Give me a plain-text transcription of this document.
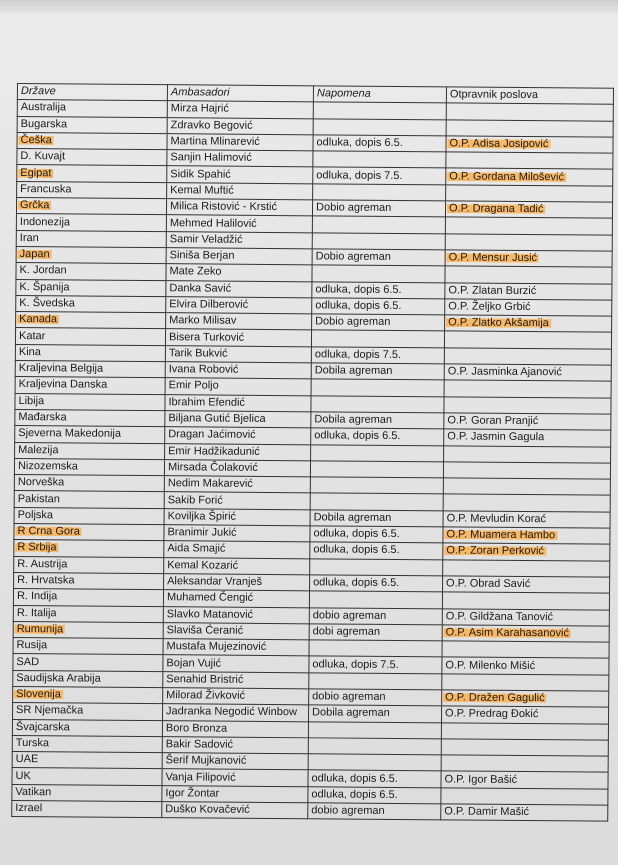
Države	Ambasadori	Napomena	Otpravnik poslova
Australija	Mirza Hajrić		
Bugarska	Zdravko Begović		
Češka	Martina Mlinarević	odluka, dopis 6.5.	O.P. Adisa Josipović
D. Kuvajt	Sanjin Halimović		
Egipat	Sidik Spahić	odluka, dopis 7.5.	O.P. Gordana Milošević
Francuska	Kemal Muftić		
Grčka	Milica Ristović - Krstić	Dobio agreman	O.P. Dragana Tadić
Indonezija	Mehmed Halilović		
Iran	Samir Veladžić		
Japan	Siniša Berjan	Dobio agreman	O.P. Mensur Jusić
K. Jordan	Mate Zeko		
K. Španija	Danka Savić	odluka, dopis 6.5.	O.P. Zlatan Burzić
K. Švedska	Elvira Dilberović	odluka, dopis 6.5.	O.P. Željko Grbić
Kanada	Marko Milisav	Dobio agreman	O.P. Zlatko Akšamija
Katar	Bisera Turković		
Kina	Tarik Bukvić	odluka, dopis 7.5.	
Kraljevina Belgija	Ivana Robović	Dobila agreman	O.P. Jasminka Ajanović
Kraljevina Danska	Emir Poljo		
Libija	Ibrahim Efendić		
Mađarska	Biljana Gutić Bjelica	Dobila agreman	O.P. Goran Pranjić
Sjeverna Makedonija	Dragan Jaćimović	odluka, dopis 6.5.	O.P. Jasmin Gagula
Malezija	Emir Hadžikadunić		
Nizozemska	Mirsada Čolaković		
Norveška	Nedim Makarević		
Pakistan	Sakib Forić		
Poljska	Koviljka Špirić	Dobila agreman	O.P. Mevludin Korać
R Crna Gora	Branimir Jukić	odluka, dopis 6.5.	O.P. Muamera Hambo
R Srbija	Aida Smajić	odluka, dopis 6.5.	O.P. Zoran Perković
R. Austrija	Kemal Kozarić		
R. Hrvatska	Aleksandar Vranješ	odluka, dopis 6.5.	O.P. Obrad Savić
R. Indija	Muhamed Čengić		
R. Italija	Slavko Matanović	dobio agreman	O.P. Gildžana Tanović
Rumunija	Slaviša Ćeranić	dobi agreman	O.P. Asim Karahasanović
Rusija	Mustafa Mujezinović		
SAD	Bojan Vujić	odluka, dopis 7.5.	O.P. Milenko Mišić
Saudijska Arabija	Senahid Bristrić		
Slovenija	Milorad Živković	dobio agreman	O.P. Dražen Gagulić
SR Njemačka	Jadranka Negodić Winbow	Dobila agreman	O.P. Predrag Đokić
Švajcarska	Boro Bronza		
Turska	Bakir Sadović		
UAE	Šerif Mujkanović		
UK	Vanja Filipović	odluka, dopis 6.5.	O.P. Igor Bašić
Vatikan	Igor Žontar	odluka, dopis 6.5.	
Izrael	Duško Kovačević	dobio agreman	O.P. Damir Mašić
